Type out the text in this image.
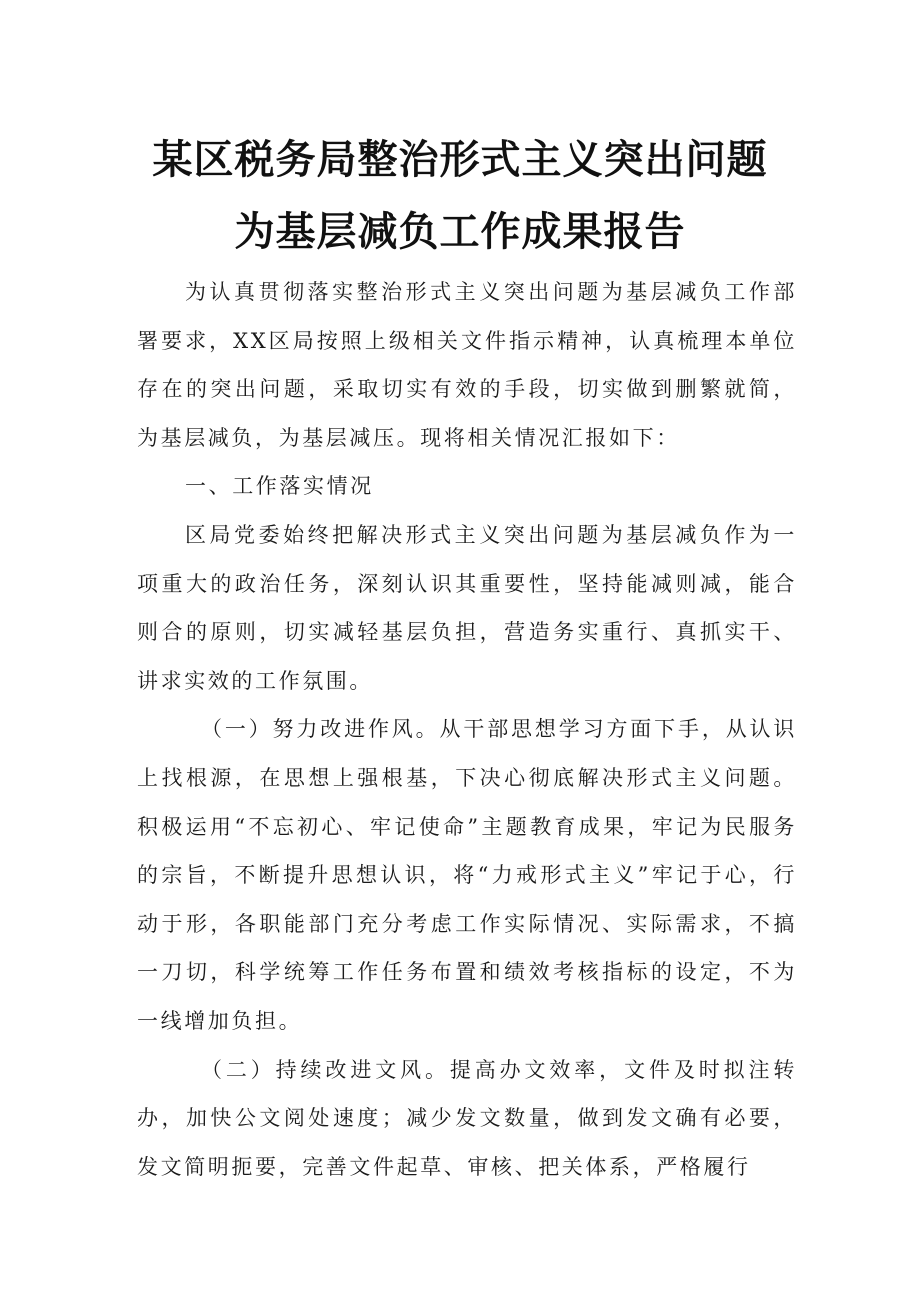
某区税务局整治形式主义突出问题
为基层减负工作成果报告

为认真贯彻落实整治形式主义突出问题为基层减负工作部署要求，XX区局按照上级相关文件指示精神，认真梳理本单位存在的突出问题，采取切实有效的手段，切实做到删繁就简，为基层减负，为基层减压。现将相关情况汇报如下：

一、工作落实情况

区局党委始终把解决形式主义突出问题为基层减负作为一项重大的政治任务，深刻认识其重要性，坚持能减则减，能合则合的原则，切实减轻基层负担，营造务实重行、真抓实干、讲求实效的工作氛围。

（一）努力改进作风。从干部思想学习方面下手，从认识上找根源，在思想上强根基，下决心彻底解决形式主义问题。积极运用“不忘初心、牢记使命”主题教育成果，牢记为民服务的宗旨，不断提升思想认识，将“力戒形式主义”牢记于心，行动于形，各职能部门充分考虑工作实际情况、实际需求，不搞一刀切，科学统筹工作任务布置和绩效考核指标的设定，不为一线增加负担。

（二）持续改进文风。提高办文效率，文件及时拟注转办，加快公文阅处速度；减少发文数量，做到发文确有必要，发文简明扼要，完善文件起草、审核、把关体系，严格履行
